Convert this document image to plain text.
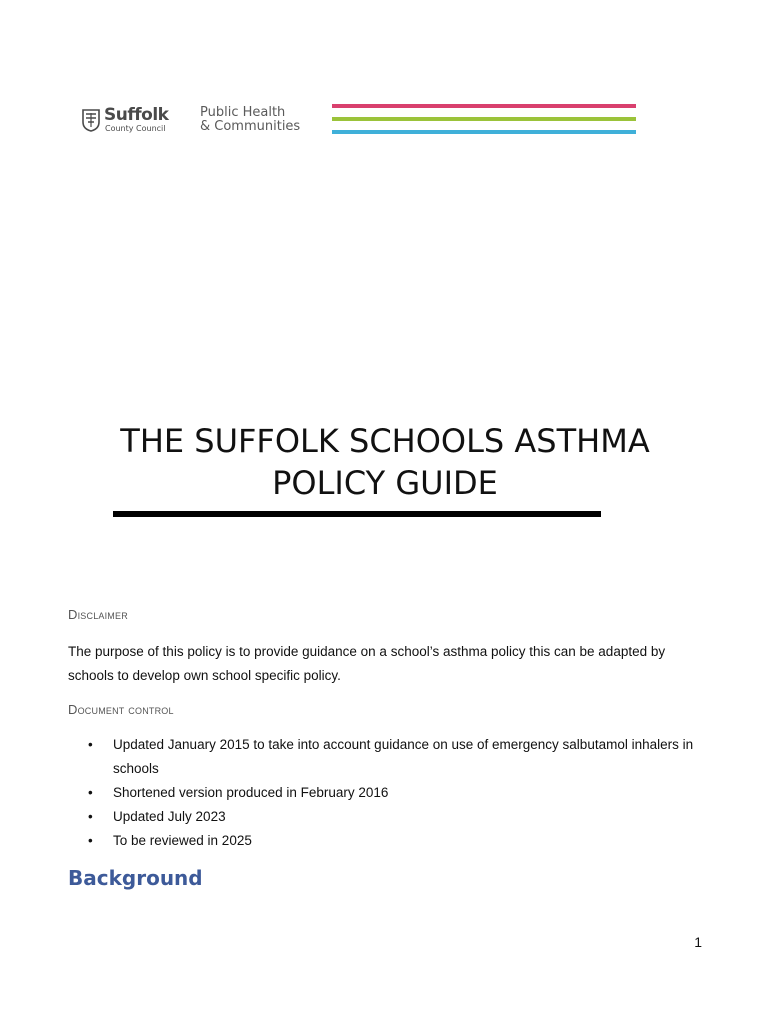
Suffolk
County Council
Public Health
& Communities
THE SUFFOLK SCHOOLS ASTHMA
POLICY GUIDE
Disclaimer
The purpose of this policy is to provide guidance on a school’s asthma policy this can be adapted by schools to develop own school specific policy.
Document control
• Updated January 2015 to take into account guidance on use of emergency salbutamol inhalers in schools
• Shortened version produced in February 2016
• Updated July 2023
• To be reviewed in 2025
Background
1
